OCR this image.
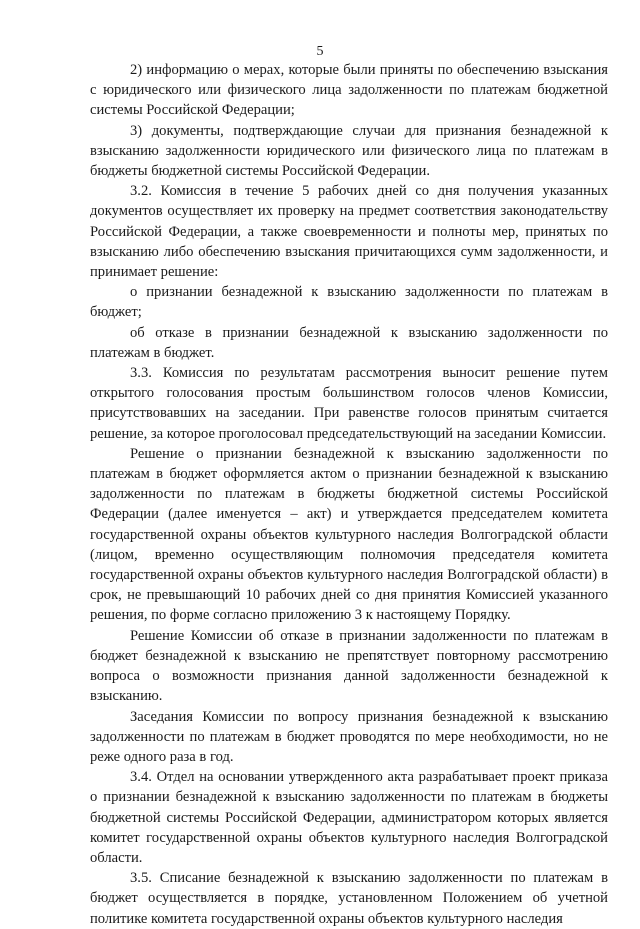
5

2) информацию о мерах, которые были приняты по обеспечению взыскания с юридического или физического лица задолженности по платежам бюджетной системы Российской Федерации;

3) документы, подтверждающие случаи для признания безнадежной к взысканию задолженности юридического или физического лица по платежам в бюджеты бюджетной системы Российской Федерации.

3.2. Комиссия в течение 5 рабочих дней со дня получения указанных документов осуществляет их проверку на предмет соответствия законодательству Российской Федерации, а также своевременности и полноты мер, принятых по взысканию либо обеспечению взыскания причитающихся сумм задолженности, и принимает решение:

о признании безнадежной к взысканию задолженности по платежам в бюджет;

об отказе в признании безнадежной к взысканию задолженности по платежам в бюджет.

3.3. Комиссия по результатам рассмотрения выносит решение путем открытого голосования простым большинством голосов членов Комиссии, присутствовавших на заседании. При равенстве голосов принятым считается решение, за которое проголосовал председательствующий на заседании Комиссии.

Решение о признании безнадежной к взысканию задолженности по платежам в бюджет оформляется актом о признании безнадежной к взысканию задолженности по платежам в бюджеты бюджетной системы Российской Федерации (далее именуется – акт) и утверждается председателем комитета государственной охраны объектов культурного наследия Волгоградской области (лицом, временно осуществляющим полномочия председателя комитета государственной охраны объектов культурного наследия Волгоградской области) в срок, не превышающий 10 рабочих дней со дня принятия Комиссией указанного решения, по форме согласно приложению 3 к настоящему Порядку.

Решение Комиссии об отказе в признании задолженности по платежам в бюджет безнадежной к взысканию не препятствует повторному рассмотрению вопроса о возможности признания данной задолженности безнадежной к взысканию.

Заседания Комиссии по вопросу признания безнадежной к взысканию задолженности по платежам в бюджет проводятся по мере необходимости, но не реже одного раза в год.

3.4. Отдел на основании утвержденного акта разрабатывает проект приказа о признании безнадежной к взысканию задолженности по платежам в бюджеты бюджетной системы Российской Федерации, администратором которых является комитет государственной охраны объектов культурного наследия Волгоградской области.

3.5. Списание безнадежной к взысканию задолженности по платежам в бюджет осуществляется в порядке, установленном Положением об учетной политике комитета государственной охраны объектов культурного наследия
